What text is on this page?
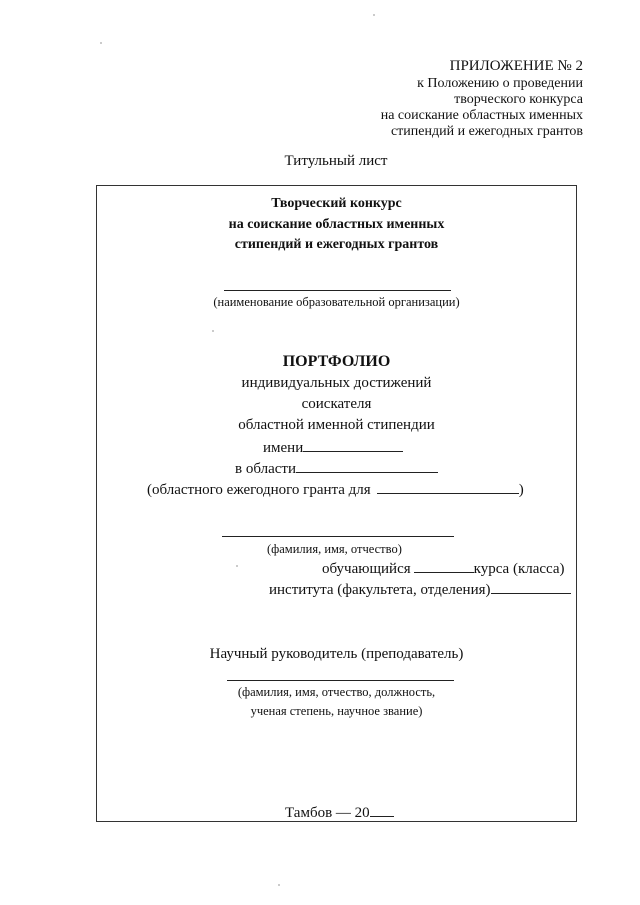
ПРИЛОЖЕНИЕ № 2
к Положению о проведении
творческого конкурса
на соискание областных именных
стипендий и ежегодных грантов
Титульный лист
Творческий конкурс
на соискание областных именных
стипендий и ежегодных грантов
(наименование образовательной организации)
ПОРТФОЛИО
индивидуальных достижений
соискателя
областной именной стипендии
имени
в области
(областного ежегодного гранта для	)
(фамилия, имя, отчество)
обучающийся	курса (класса)
института (факультета, отделения)
Научный руководитель (преподаватель)
(фамилия, имя, отчество, должность,
ученая степень, научное звание)
Тамбов — 20
